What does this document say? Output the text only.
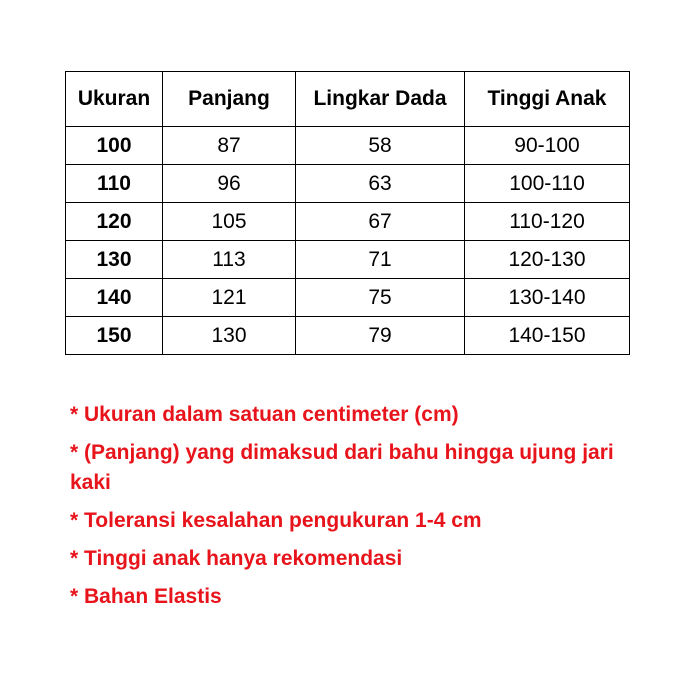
Ukuran	Panjang	Lingkar Dada	Tinggi Anak
100	87	58	90-100
110	96	63	100-110
120	105	67	110-120
130	113	71	120-130
140	121	75	130-140
150	130	79	140-150
* Ukuran dalam satuan centimeter (cm)
* (Panjang) yang dimaksud dari bahu hingga ujung jari kaki
* Toleransi kesalahan pengukuran 1-4 cm
* Tinggi anak hanya rekomendasi
* Bahan Elastis
